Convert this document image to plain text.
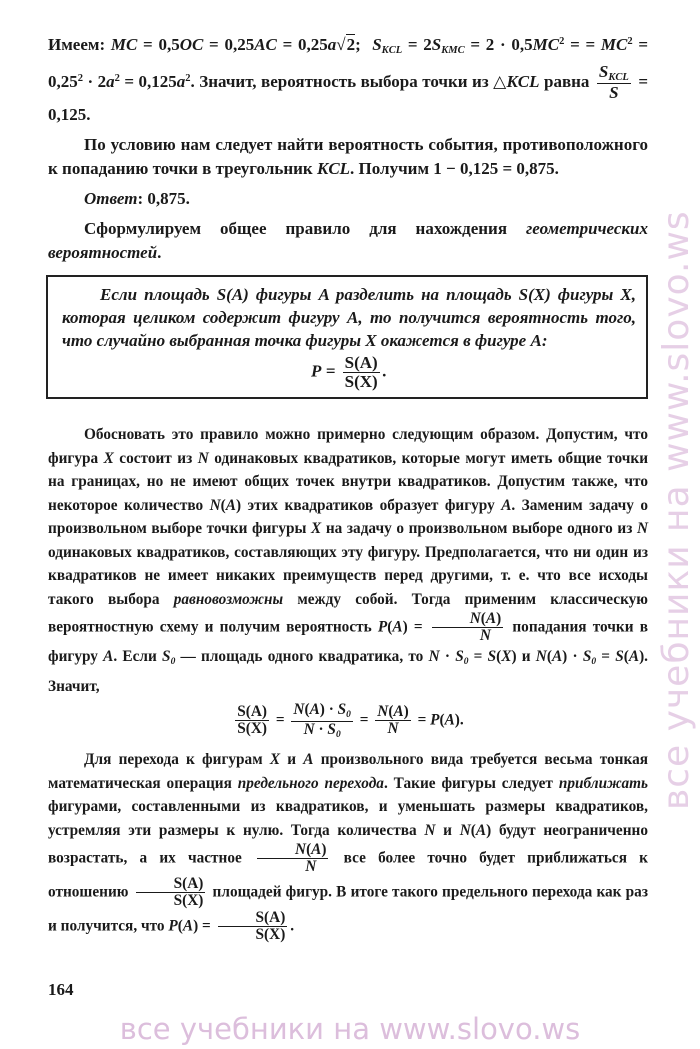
Имеем: MC = 0,5OC = 0,25AC = 0,25a√2;  $S_{KCL} = 2S_{KMC} = 2 \cdot 0,5MC^2$ = = $MC^2 = 0,25^2 \cdot 2a^2 = 0,125a^2$. Значит, вероятность выбора точки из △KCL равна $\frac{S_{KCL}}{S} = 0,125$.

По условию нам следует найти вероятность события, противоположного к попаданию точки в треугольник KCL. Получим 1 − 0,125 = 0,875.

Ответ: 0,875.

Сформулируем общее правило для нахождения геометрических вероятностей.

Если площадь S(A) фигуры A разделить на площадь S(X) фигуры X, которая целиком содержит фигуру A, то получится вероятность того, что случайно выбранная точка фигуры X окажется в фигуре A:

$P = \frac{S(A)}{S(X)}$ .

Обосновать это правило можно примерно следующим образом. Допустим, что фигура X состоит из N одинаковых квадратиков, которые могут иметь общие точки на границах, но не имеют общих точек внутри квадратиков. Допустим также, что некоторое количество N(A) этих квадратиков образует фигуру A. Заменим задачу о произвольном выборе точки фигуры X на задачу о произвольном выборе одного из N одинаковых квадратиков, составляющих эту фигуру. Предполагается, что ни один из квадратиков не имеет никаких преимуществ перед другими, т. е. что все исходы такого выбора равновозможны между собой. Тогда применим классическую вероятностную схему и получим вероятность $P(A) = \frac{N(A)}{N}$ попадания точки в фигуру A. Если $S_0$ — площадь одного квадратика, то $N \cdot S_0 = S(X)$ и $N(A) \cdot S_0 = S(A)$. Значит,

$\frac{S(A)}{S(X)} = \frac{N(A) \cdot S_0}{N \cdot S_0} = \frac{N(A)}{N} = P(A)$.

Для перехода к фигурам X и A произвольного вида требуется весьма тонкая математическая операция предельного перехода. Такие фигуры следует приближать фигурами, составленными из квадратиков, и уменьшать размеры квадратиков, устремляя эти размеры к нулю. Тогда количества N и N(A) будут неограниченно возрастать, а их частное $\frac{N(A)}{N}$ все более точно будет приближаться к отношению $\frac{S(A)}{S(X)}$ площадей фигур. В итоге такого предельного перехода как раз и получится, что $P(A) = \frac{S(A)}{S(X)}$ .

164
все учебники на www.slovo.ws
все учебники на www.slovo.ws
